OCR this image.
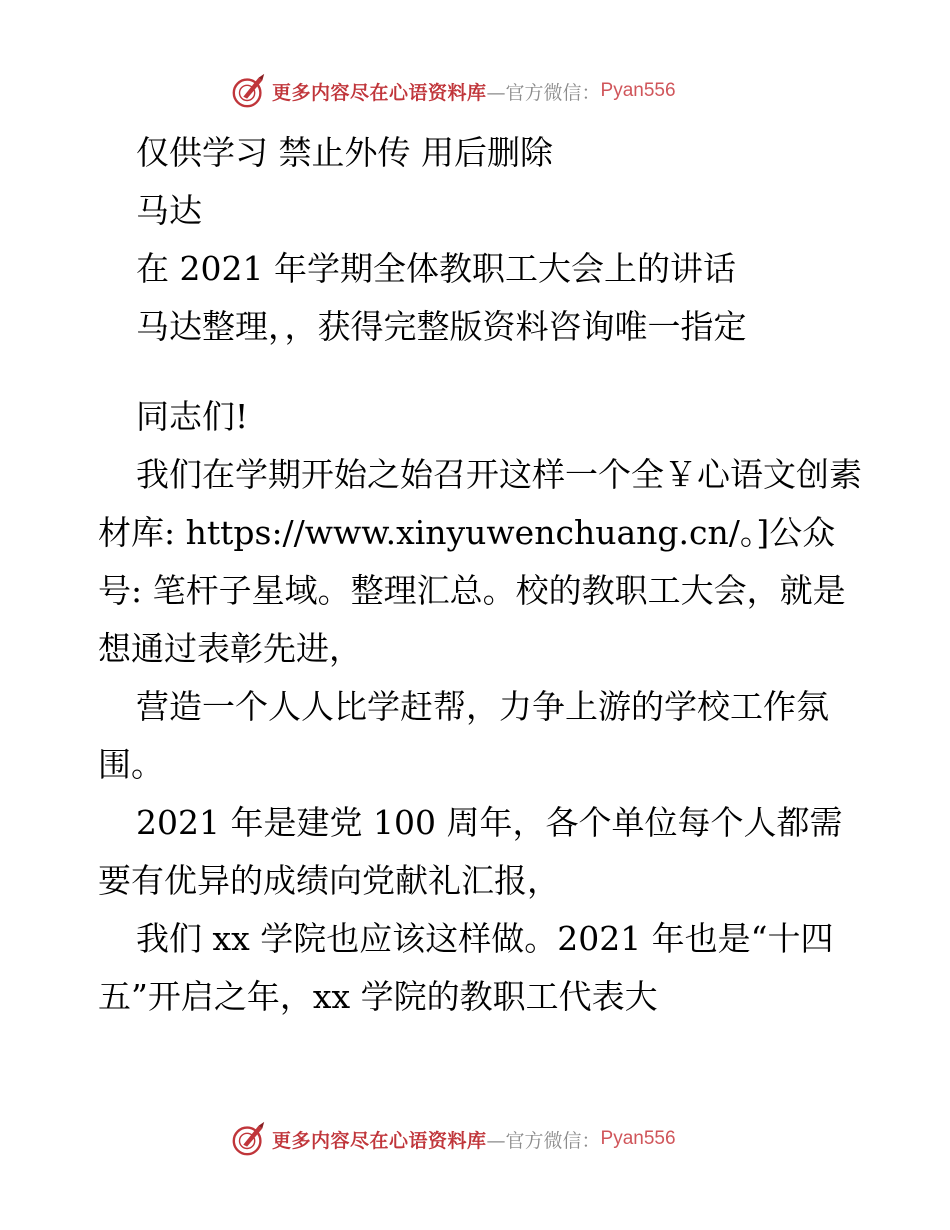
更多内容尽在心语资料库 —官方微信： Pyan556

仅供学习 禁止外传 用后删除

马达

在 2021 年学期全体教职工大会上的讲话

马达整理，，获得完整版资料咨询唯一指定

同志们!

我们在学期开始之始召开这样一个全￥心语文创素材库: https://www.xinyuwenchuang.cn/。]公众号: 笔杆子星域。整理汇总。校的教职工大会，就是想通过表彰先进，

营造一个人人比学赶帮，力争上游的学校工作氛围。

2021 年是建党 100 周年，各个单位每个人都需要有优异的成绩向党献礼汇报，

我们 xx 学院也应该这样做。2021 年也是“十四五”开启之年，xx 学院的教职工代表大

更多内容尽在心语资料库 —官方微信： Pyan556
